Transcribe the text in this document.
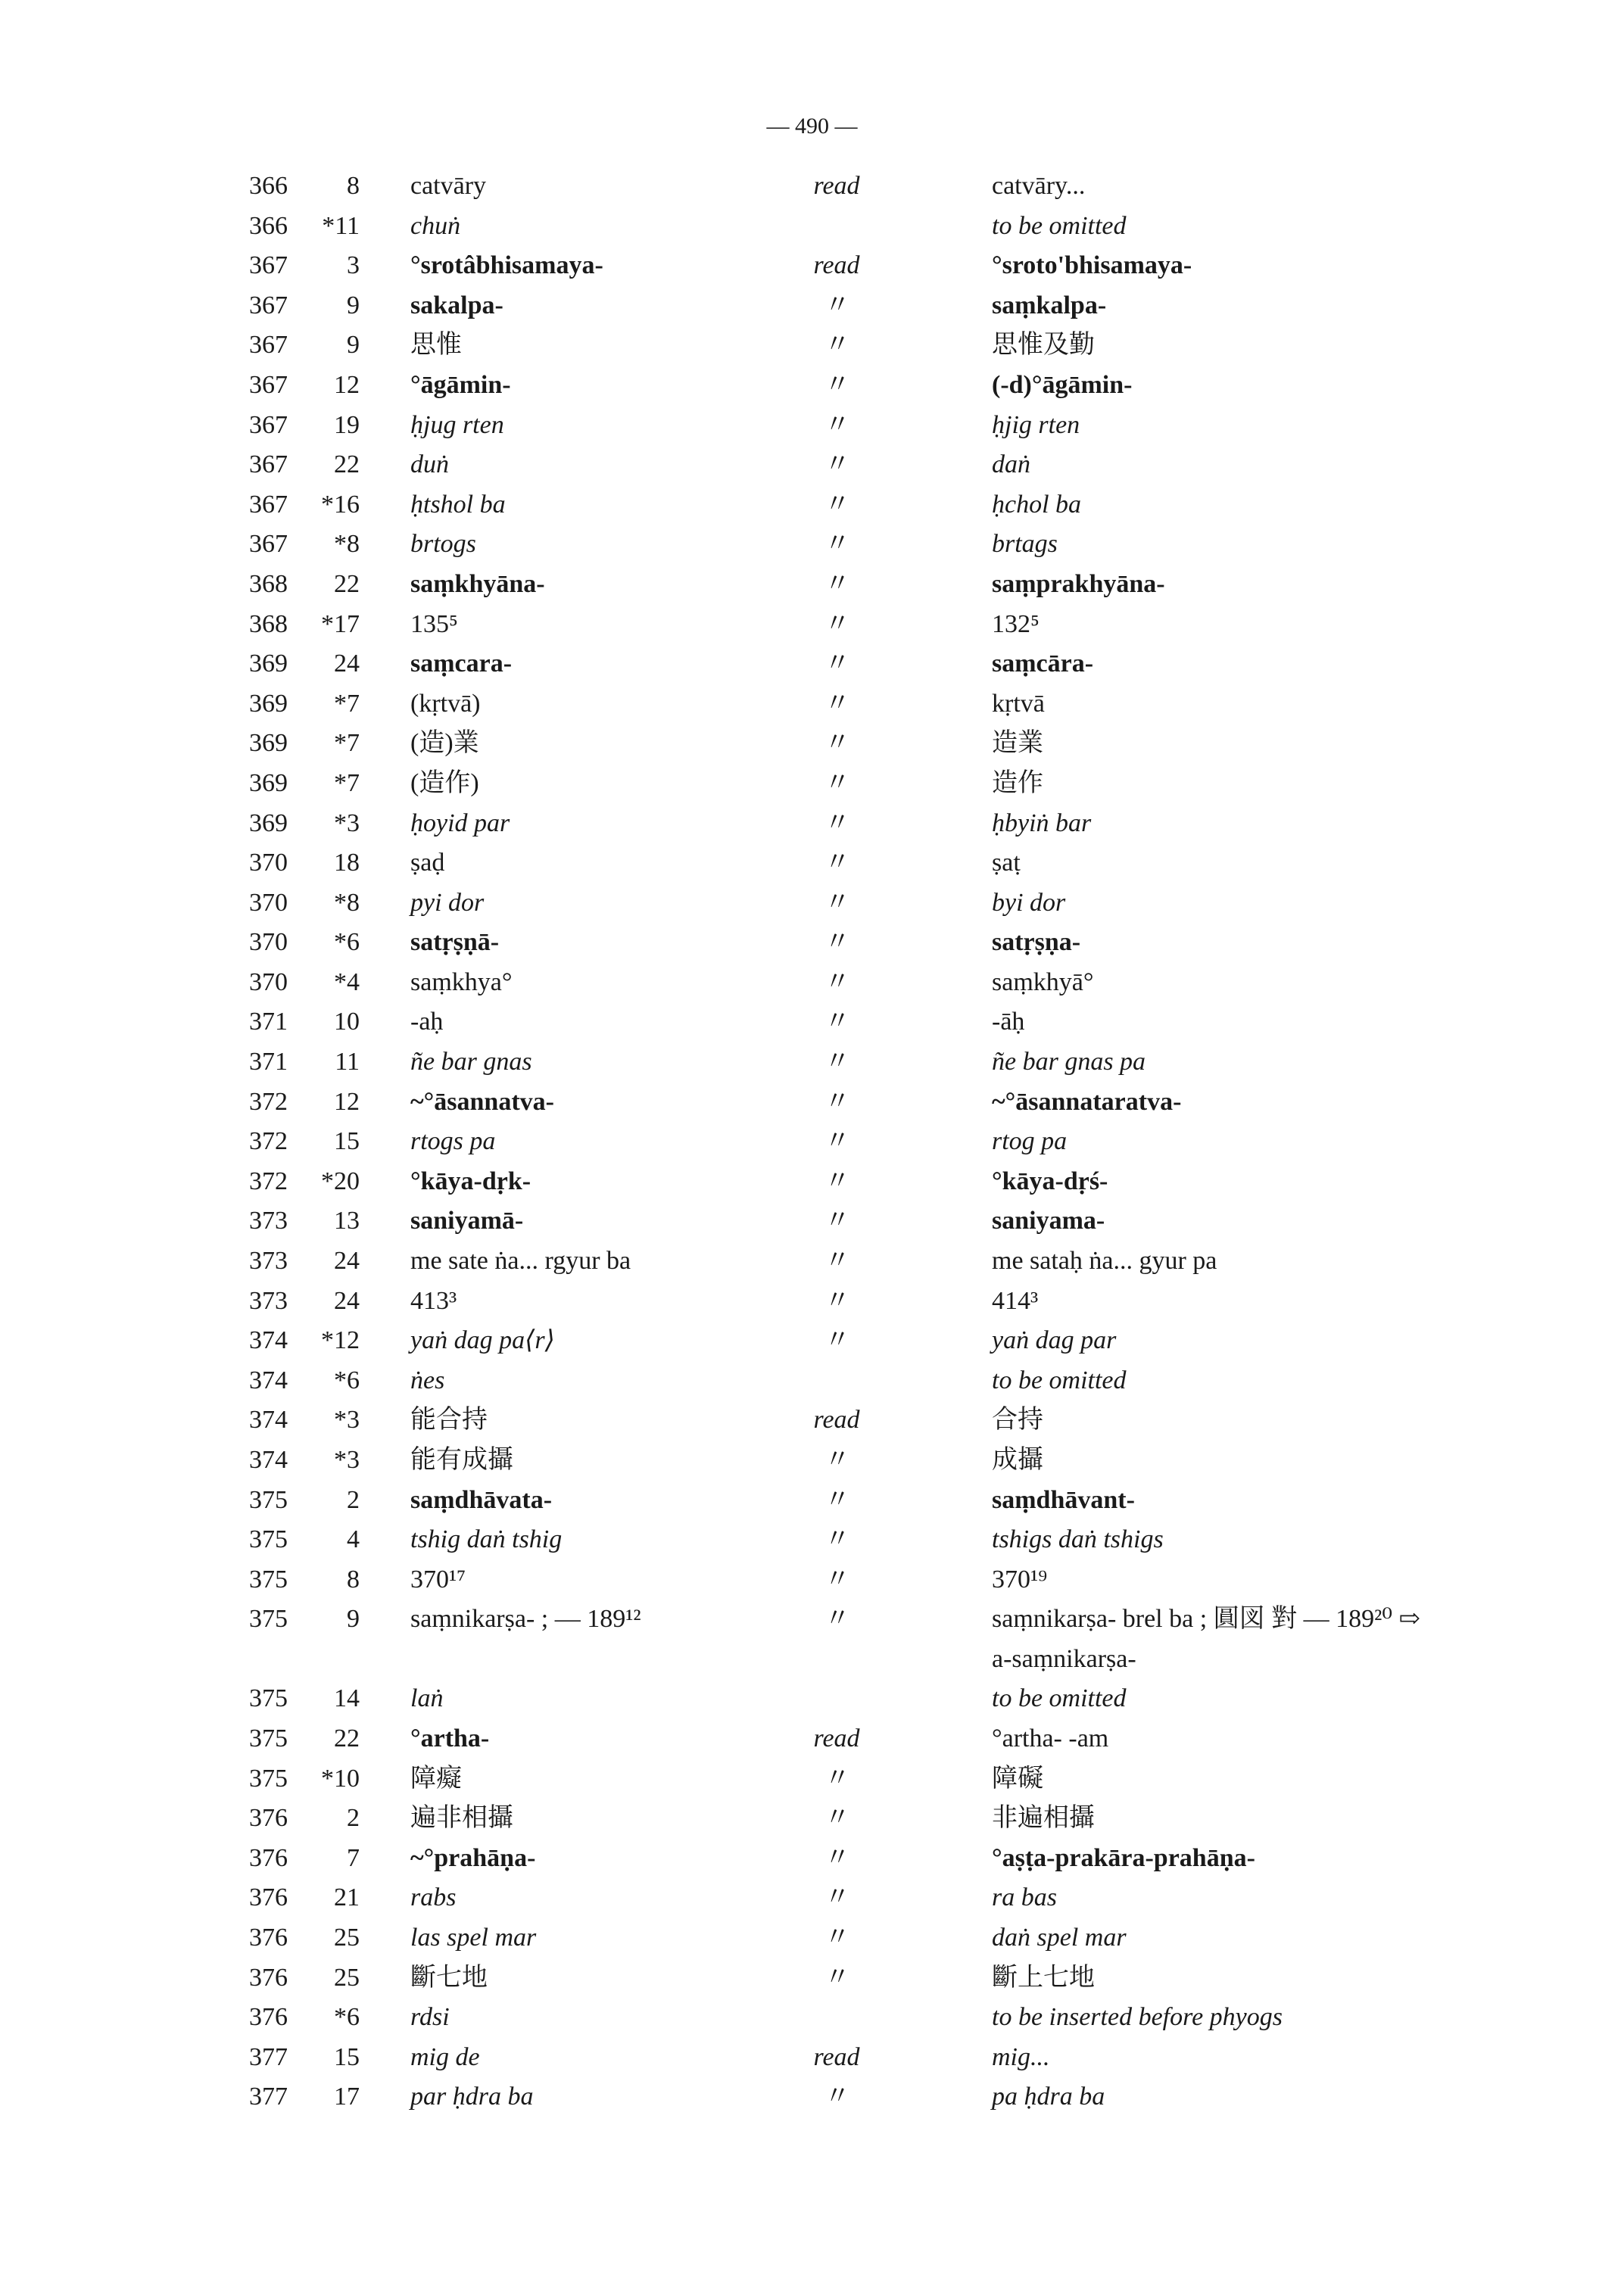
— 490 —
366	8 catvāry	read	catvāry...
366	*11 chuṅ	to be omitted
367	3 °srotâbhisamaya-	read	°sroto'bhisamaya-
367	9 sakalpa-	〃	saṃkalpa-
367	9 思惟	〃	思惟及勤
367	12 °āgāmin-	〃	(-d)°āgāmin-
367	19 ḥjug rten	〃	ḥjig rten
367	22 duṅ	〃	daṅ
367	*16 ḥtshol ba	〃	ḥchol ba
367	*8 brtogs	〃	brtags
368	22 saṃkhyāna-	〃	saṃprakhyāna-
368	*17 135⁵	〃	132⁵
369	24 saṃcara-	〃	saṃcāra-
369	*7 (kṛtvā)	〃	kṛtvā
369	*7 (造)業	〃	造業
369	*7 (造作)	〃	造作
369	*3 ḥoyid par	〃	ḥbyiṅ bar
370	18 ṣaḍ	〃	ṣaṭ
370	*8 pyi dor	〃	byi dor
370	*6 satṛṣṇā-	〃	satṛṣṇa-
370	*4 saṃkhya°	〃	saṃkhyā°
371	10 -aḥ	〃	-āḥ
371	11 ñe bar gnas	〃	ñe bar gnas pa
372	12 ~°āsannatva-	〃	~°āsannataratva-
372	15 rtogs pa	〃	rtog pa
372	*20 °kāya-dṛk-	〃	°kāya-dṛś-
373	13 saniyamā-	〃	saniyama-
373	24 me sate ṅa... rgyur ba	〃	me sataḥ ṅa... gyur pa
373	24 413³	〃	414³
374	*12 yaṅ dag pa⟨r⟩	〃	yaṅ dag par
374	*6 ṅes	to be omitted
374	*3 能合持	read	合持
374	*3 能有成攝	〃	成攝
375	2 saṃdhāvata-	〃	saṃdhāvant-
375	4 tshig daṅ tshig	〃	tshigs daṅ tshigs
375	8 370¹⁷	〃	370¹⁹
375	9 saṃnikarṣa- ; — 189¹²	〃	saṃnikarṣa- brel ba ; 圓図 對 — 189²⁰ ⇨ a-saṃnikarṣa-
375	14 laṅ	to be omitted
375	22 °artha-	read	°artha- -am
375	*10 障癡	〃	障礙
376	2 遍非相攝	〃	非遍相攝
376	7 ~°prahāṇa-	〃	°aṣṭa-prakāra-prahāṇa-
376	21 rabs	〃	ra bas
376	25 las spel mar	〃	daṅ spel mar
376	25 斷七地	〃	斷上七地
376	*6 rdsi	to be inserted before phyogs
377	15 mig de	read	mig...
377	17 par ḥdra ba	〃	pa ḥdra ba
